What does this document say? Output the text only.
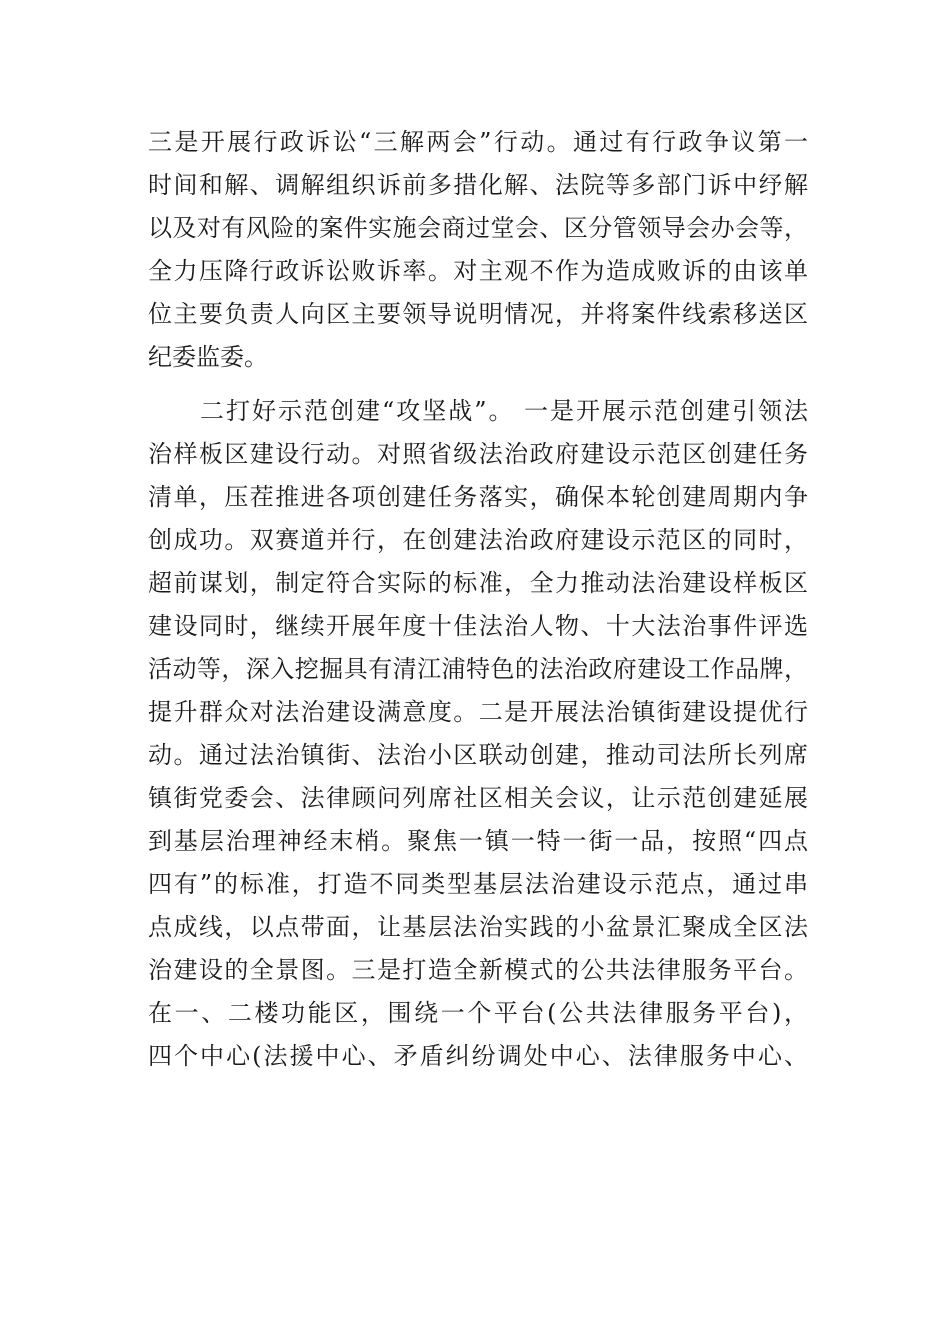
三是开展行政诉讼“三解两会”行动。通过有行政争议第一
时间和解、调解组织诉前多措化解、法院等多部门诉中纾解
以及对有风险的案件实施会商过堂会、区分管领导会办会等，
全力压降行政诉讼败诉率。对主观不作为造成败诉的由该单
位主要负责人向区主要领导说明情况，并将案件线索移送区
纪委监委。
二打好示范创建“攻坚战”。 一是开展示范创建引领法
治样板区建设行动。对照省级法治政府建设示范区创建任务
清单，压茬推进各项创建任务落实，确保本轮创建周期内争
创成功。双赛道并行，在创建法治政府建设示范区的同时，
超前谋划，制定符合实际的标准，全力推动法治建设样板区
建设同时，继续开展年度十佳法治人物、十大法治事件评选
活动等，深入挖掘具有清江浦特色的法治政府建设工作品牌，
提升群众对法治建设满意度。二是开展法治镇街建设提优行
动。通过法治镇街、法治小区联动创建，推动司法所长列席
镇街党委会、法律顾问列席社区相关会议，让示范创建延展
到基层治理神经末梢。聚焦一镇一特一街一品，按照“四点
四有”的标准，打造不同类型基层法治建设示范点，通过串
点成线，以点带面，让基层法治实践的小盆景汇聚成全区法
治建设的全景图。三是打造全新模式的公共法律服务平台。
在一、二楼功能区，围绕一个平台(公共法律服务平台)，
四个中心(法援中心、矛盾纠纷调处中心、法律服务中心、
